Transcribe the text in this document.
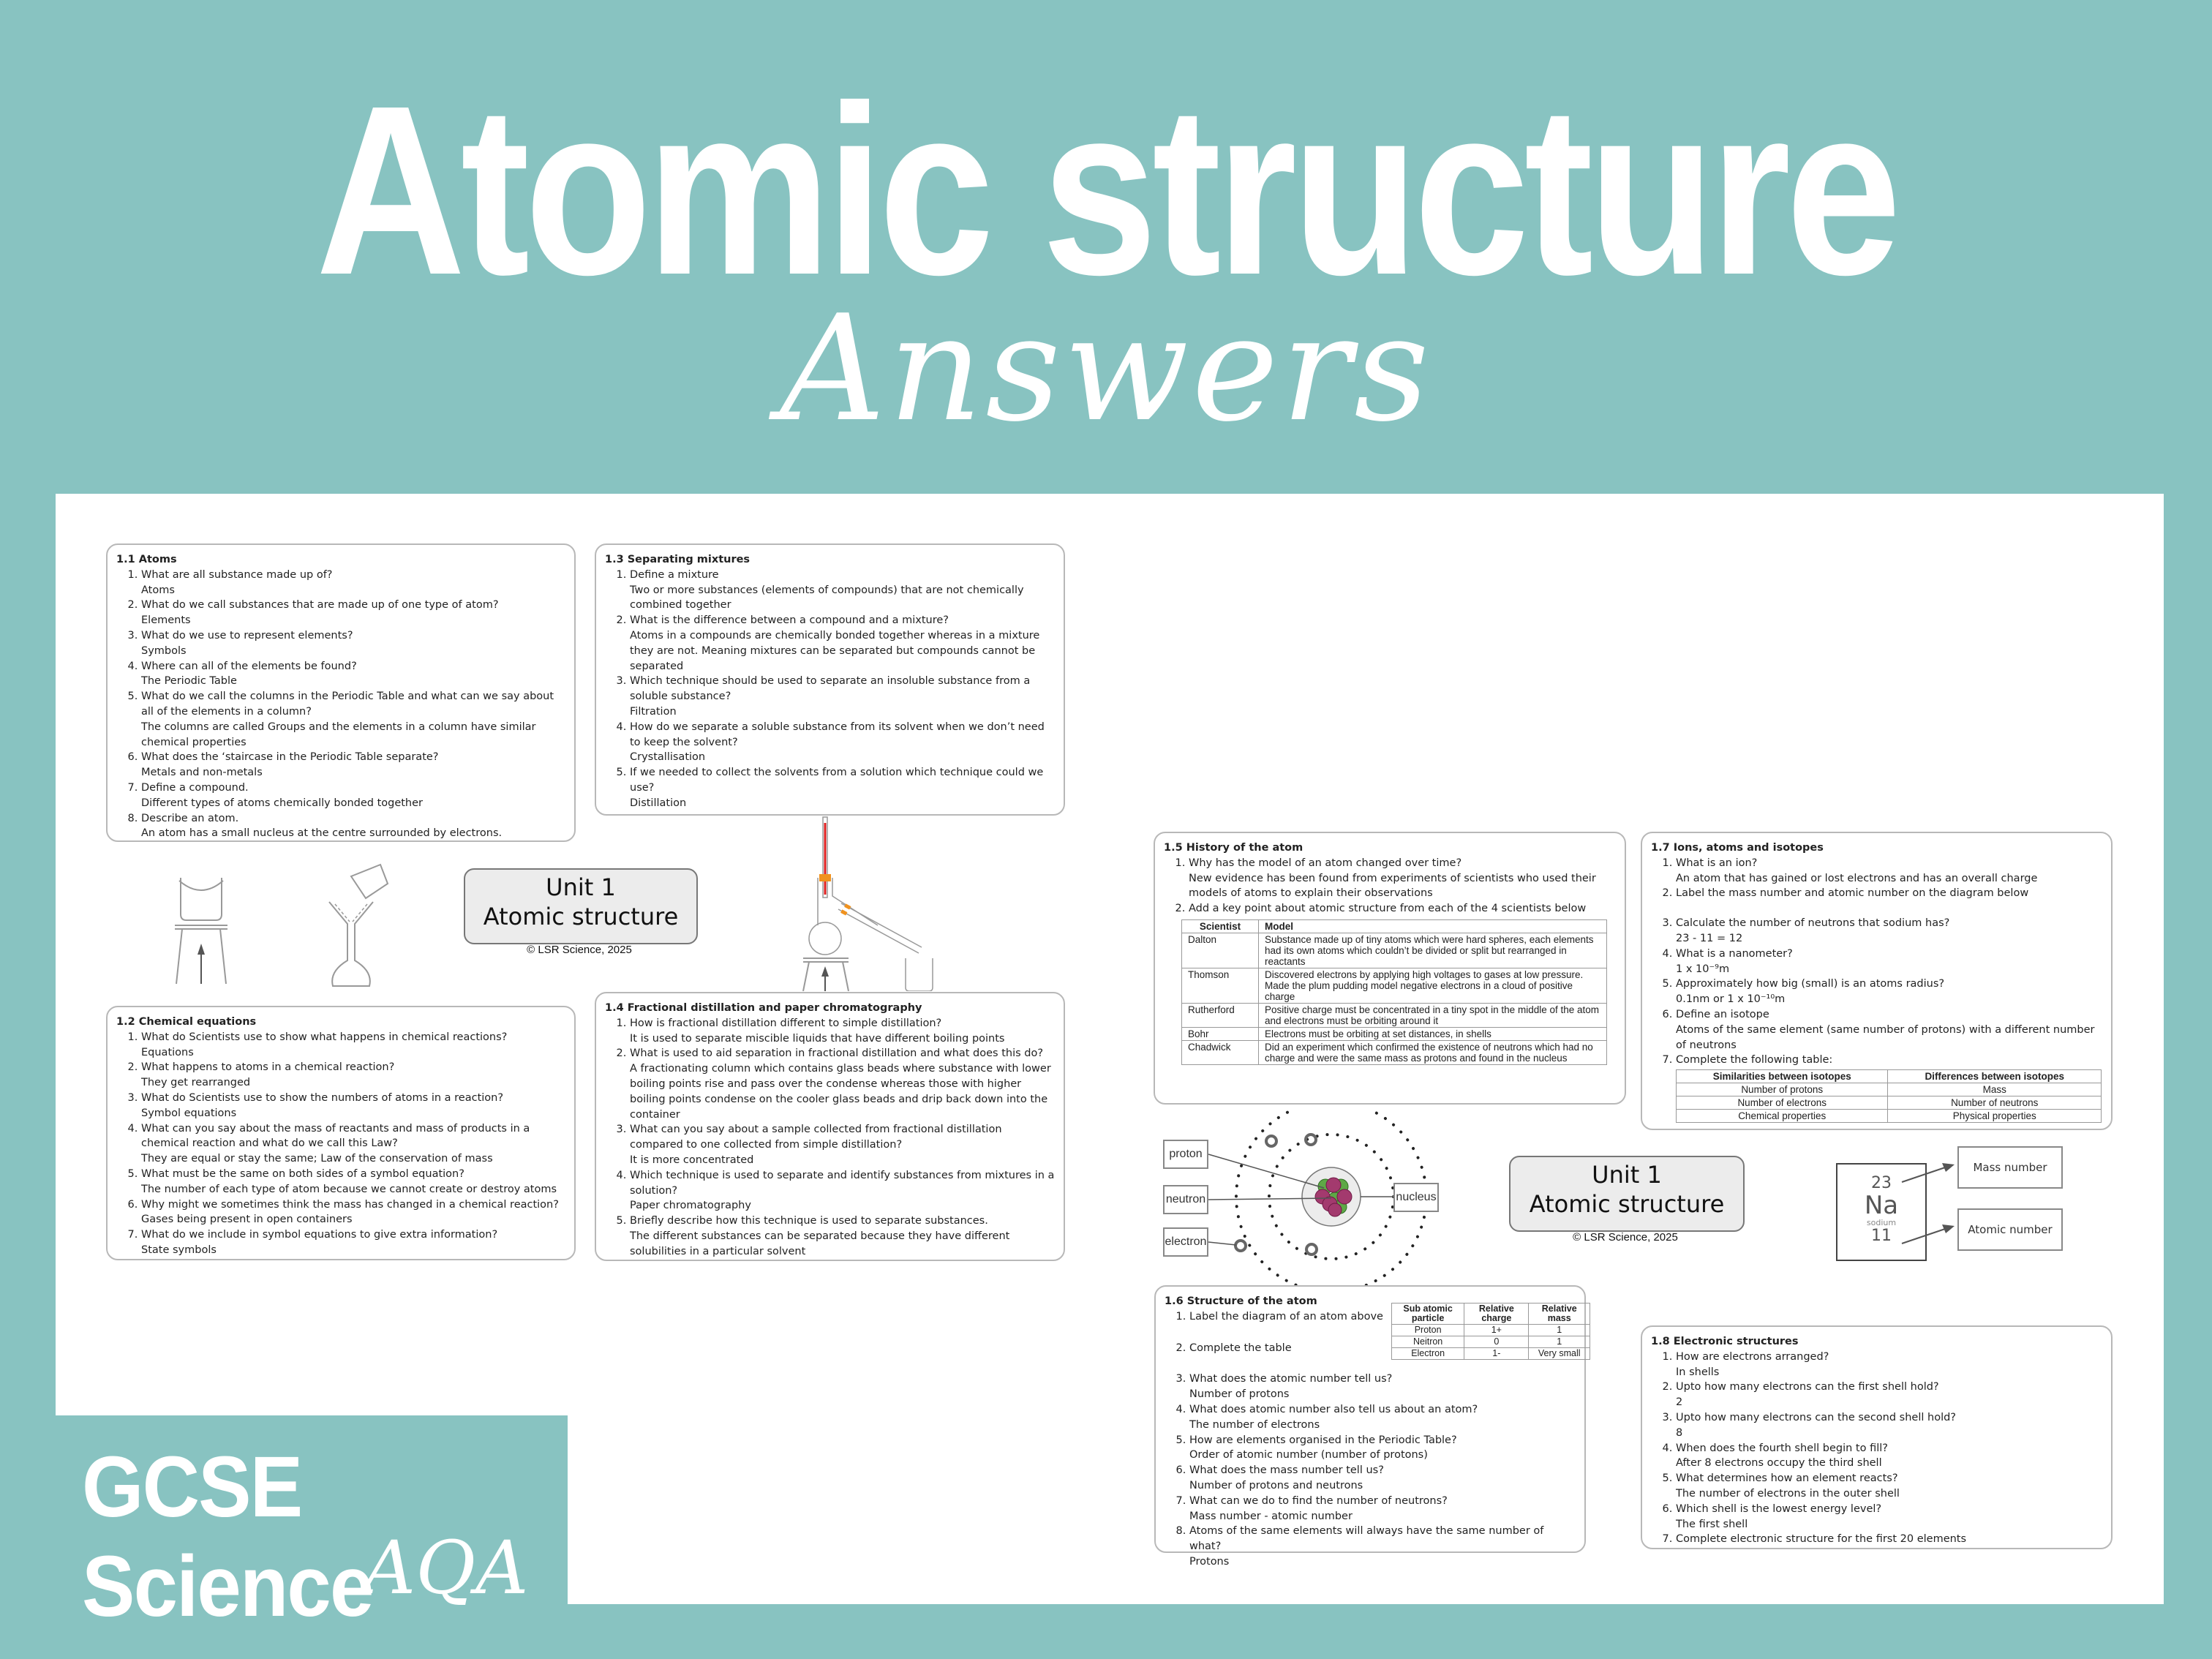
Atomic structure
Answers
1.1 Atoms
1. What are all substance made up of?
Atoms
2. What do we call substances that are made up of one type of atom?
Elements
3. What do we use to represent elements?
Symbols
4. Where can all of the elements be found?
The Periodic Table
5. What do we call the columns in the Periodic Table and what can we say about all of the elements in a column?
The columns are called Groups and the elements in a column have similar chemical properties
6. What does the ‘staircase in the Periodic Table separate?
Metals and non-metals
7. Define a compound.
Different types of atoms chemically bonded together
8. Describe an atom.
An atom has a small nucleus at the centre surrounded by electrons.
1.3 Separating mixtures
1. Define a mixture
Two or more substances (elements of compounds) that are not chemically combined together
2. What is the difference between a compound and a mixture?
Atoms in a compounds are chemically bonded together whereas in a mixture they are not. Meaning mixtures can be separated but compounds cannot be separated
3. Which technique should be used to separate an insoluble substance from a soluble substance?
Filtration
4. How do we separate a soluble substance from its solvent when we don’t need to keep the solvent?
Crystallisation
5. If we needed to collect the solvents from a solution which technique could we use?
Distillation
1.2 Chemical equations
1. What do Scientists use to show what happens in chemical reactions?
Equations
2. What happens to atoms in a chemical reaction?
They get rearranged
3. What do Scientists use to show the numbers of atoms in a reaction?
Symbol equations
4. What can you say about the mass of reactants and mass of products in a chemical reaction and what do we call this Law?
They are equal or stay the same; Law of the conservation of mass
5. What must be the same on both sides of a symbol equation?
The number of each type of atom because we cannot create or destroy atoms
6. Why might we sometimes think the mass has changed in a chemical reaction?
Gases being present in open containers
7. What do we include in symbol equations to give extra information?
State symbols
1.4 Fractional distillation and paper chromatography
1. How is fractional distillation different to simple distillation?
It is used to separate miscible liquids that have different boiling points
2. What is used to aid separation in fractional distillation and what does this do?
A fractionating column which contains glass beads where substance with lower boiling points rise and pass over the condense whereas those with higher boiling points condense on the cooler glass beads and drip back down into the container
3. What can you say about a sample collected from fractional distillation compared to one collected from simple distillation?
It is more concentrated
4. Which technique is used to separate and identify substances from mixtures in a solution?
Paper chromatography
5. Briefly describe how this technique is used to separate substances.
The different substances can be separated because they have different solubilities in a particular solvent
Unit 1
Atomic structure
© LSR Science, 2025
1.5 History of the atom
1. Why has the model of an atom changed over time?
New evidence has been found from experiments of scientists who used their models of atoms to explain their observations
2. Add a key point about atomic structure from each of the 4 scientists below
Scientist	Model
Dalton	Substance made up of tiny atoms which were hard spheres, each elements had its own atoms which couldn’t be divided or split but rearranged in reactants
Thomson	Discovered electrons by applying high voltages to gases at low pressure. Made the plum pudding model negative electrons in a cloud of positive charge
Rutherford	Positive charge must be concentrated in a tiny spot in the middle of the atom and electrons must be orbiting around it
Bohr	Electrons must be orbiting at set distances, in shells
Chadwick	Did an experiment which confirmed the existence of neutrons which had no charge and were the same mass as protons and found in the nucleus
1.7 Ions, atoms and isotopes
1. What is an ion?
An atom that has gained or lost electrons and has an overall charge
2. Label the mass number and atomic number on the diagram below
3. Calculate the number of neutrons that sodium has?
23 - 11 = 12
4. What is a nanometer?
1 x 10⁻⁹m
5. Approximately how big (small) is an atoms radius?
0.1nm or 1 x 10⁻¹⁰m
6. Define an isotope
Atoms of the same element (same number of protons) with a different number of neutrons
7. Complete the following table:
Similarities between isotopes	Differences between isotopes
Number of protons	Mass
Number of electrons	Number of neutrons
Chemical properties	Physical properties
proton
neutron
electron
nucleus
Unit 1
Atomic structure
© LSR Science, 2025
23
Na
sodium
11
Mass number
Atomic number
1.6 Structure of the atom
1. Label the diagram of an atom above
2. Complete the table
3. What does the atomic number tell us?
Number of protons
4. What does atomic number also tell us about an atom?
The number of electrons
5. How are elements organised in the Periodic Table?
Order of atomic number (number of protons)
6. What does the mass number tell us?
Number of protons and neutrons
7. What can we do to find the number of neutrons?
Mass number - atomic number
8. Atoms of the same elements will always have the same number of what?
Protons
Sub atomic particle	Relative charge	Relative mass
Proton	1+	1
Neitron	0	1
Electron	1-	Very small
1.8 Electronic structures
1. How are electrons arranged?
In shells
2. Upto how many electrons can the first shell hold?
2
3. Upto how many electrons can the second shell hold?
8
4. When does the fourth shell begin to fill?
After 8 electrons occupy the third shell
5. What determines how an element reacts?
The number of electrons in the outer shell
6. Which shell is the lowest energy level?
The first shell
7. Complete electronic structure for the first 20 elements
GCSE Science
AQA
